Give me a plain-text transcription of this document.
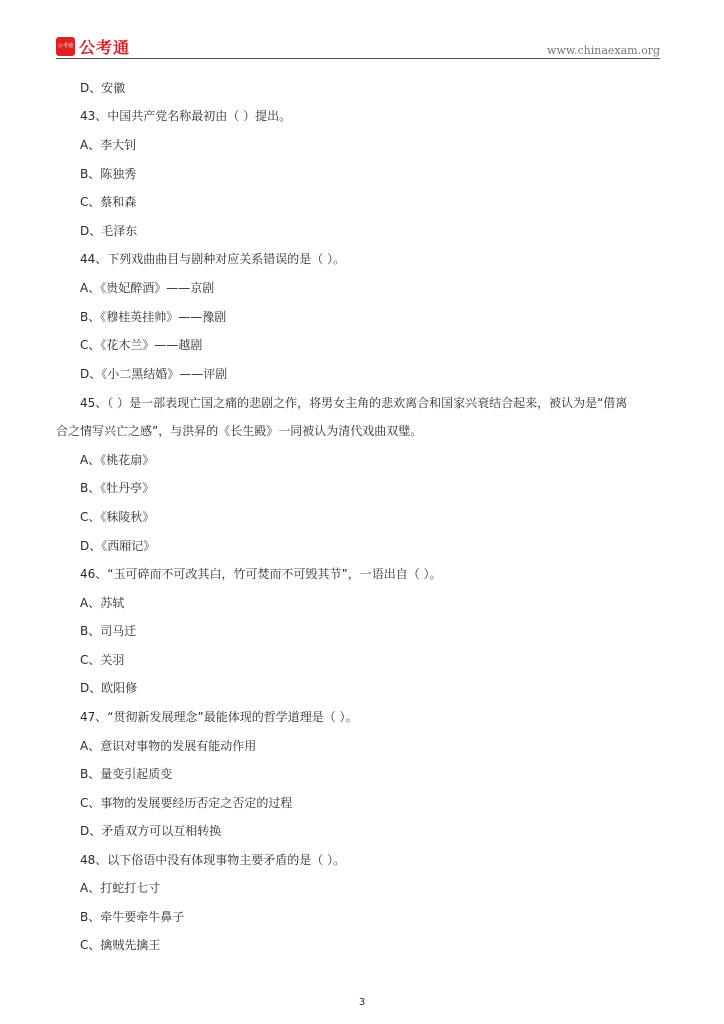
公考通 公考通	www.chinaexam.org
D、安徽
43、中国共产党名称最初由（ ）提出。
A、李大钊
B、陈独秀
C、蔡和森
D、毛泽东
44、下列戏曲曲目与剧种对应关系错误的是（ ）。
A、《贵妃醉酒》——京剧
B、《穆桂英挂帅》——豫剧
C、《花木兰》——越剧
D、《小二黑结婚》——评剧
45、（ ）是一部表现亡国之痛的悲剧之作，将男女主角的悲欢离合和国家兴衰结合起来，被认为是“借离
合之情写兴亡之感”，与洪昇的《长生殿》一同被认为清代戏曲双璧。
A、《桃花扇》
B、《牡丹亭》
C、《秣陵秋》
D、《西厢记》
46、“玉可碎而不可改其白，竹可焚而不可毁其节”，一语出自（ ）。
A、苏轼
B、司马迁
C、关羽
D、欧阳修
47、“贯彻新发展理念”最能体现的哲学道理是（ ）。
A、意识对事物的发展有能动作用
B、量变引起质变
C、事物的发展要经历否定之否定的过程
D、矛盾双方可以互相转换
48、以下俗语中没有体现事物主要矛盾的是（ ）。
A、打蛇打七寸
B、牵牛要牵牛鼻子
C、擒贼先擒王
3
